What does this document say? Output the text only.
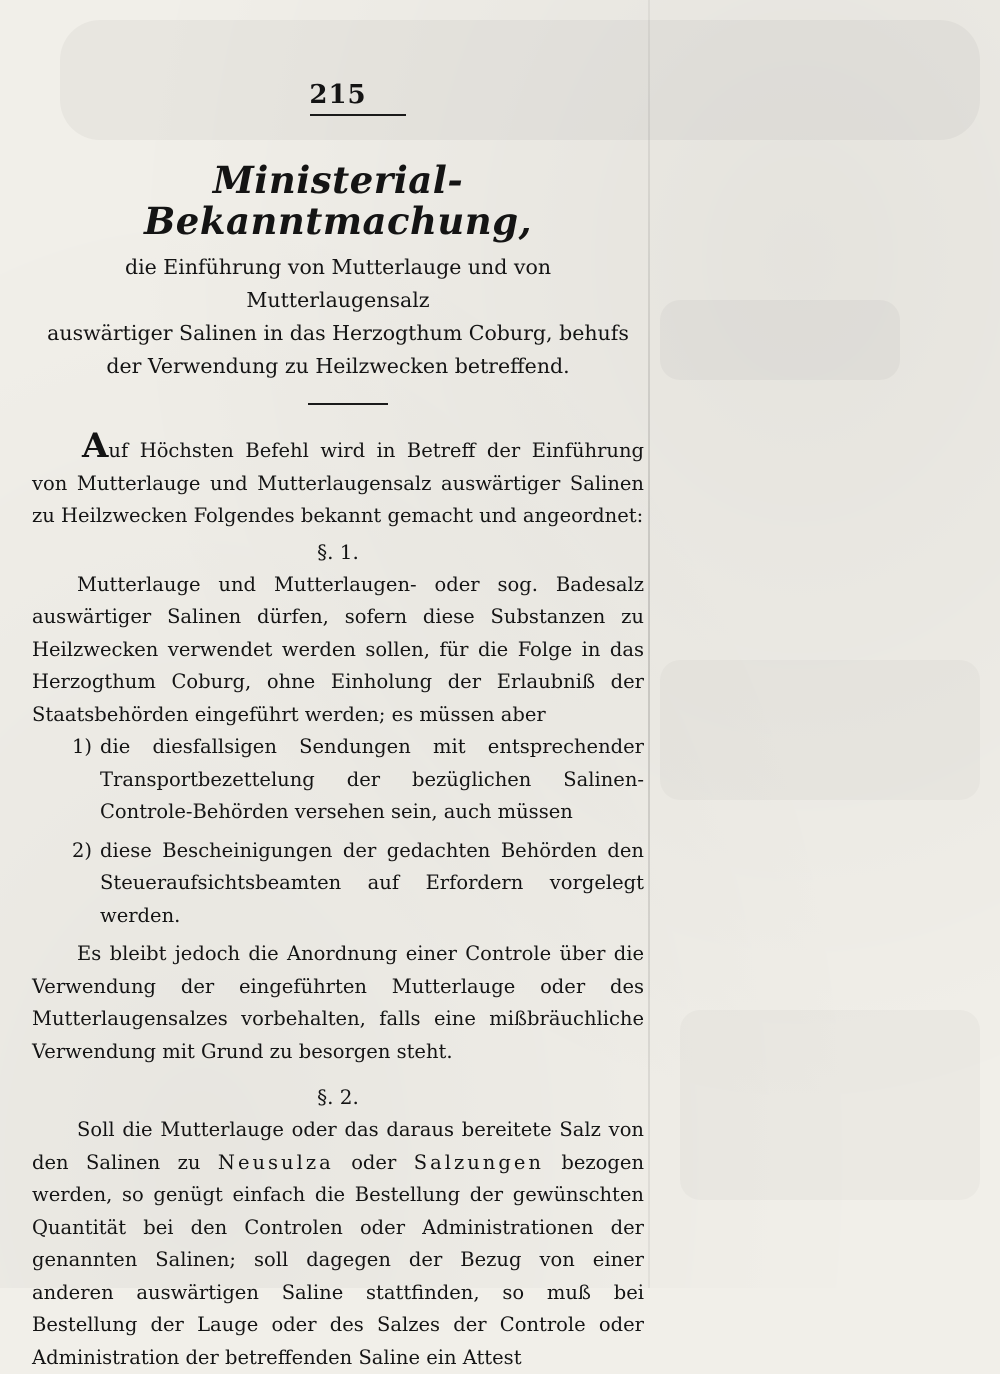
215
Ministerial-Bekanntmachung,

die Einführung von Mutterlauge und von Mutterlaugensalz
auswärtiger Salinen in das Herzogthum Coburg, behufs
der Verwendung zu Heilzwecken betreffend.

Auf Höchsten Befehl wird in Betreff der Einführung von Mutterlauge und Mutterlaugensalz auswärtiger Salinen zu Heilzwecken Folgendes bekannt gemacht und angeordnet:

§. 1.

Mutterlauge und Mutterlaugen- oder sog. Badesalz auswärtiger Salinen dürfen, sofern diese Substanzen zu Heilzwecken verwendet werden sollen, für die Folge in das Herzogthum Coburg, ohne Einholung der Erlaubniß der Staatsbehörden eingeführt werden; es müssen aber

1) die diesfallsigen Sendungen mit entsprechender Transportbezettelung der bezüglichen Salinen-Controle-Behörden versehen sein, auch müssen
2) diese Bescheinigungen der gedachten Behörden den Steueraufsichtsbeamten auf Erfordern vorgelegt werden.

Es bleibt jedoch die Anordnung einer Controle über die Verwendung der eingeführten Mutterlauge oder des Mutterlaugensalzes vorbehalten, falls eine mißbräuchliche Verwendung mit Grund zu besorgen steht.

§. 2.

Soll die Mutterlauge oder das daraus bereitete Salz von den Salinen zu Neusulza oder Salzungen bezogen werden, so genügt einfach die Bestellung der gewünschten Quantität bei den Controlen oder Administrationen der genannten Salinen; soll dagegen der Bezug von einer anderen auswärtigen Saline stattfinden, so muß bei Bestellung der Lauge oder des Salzes der Controle oder Administration der betreffenden Saline ein Attest
